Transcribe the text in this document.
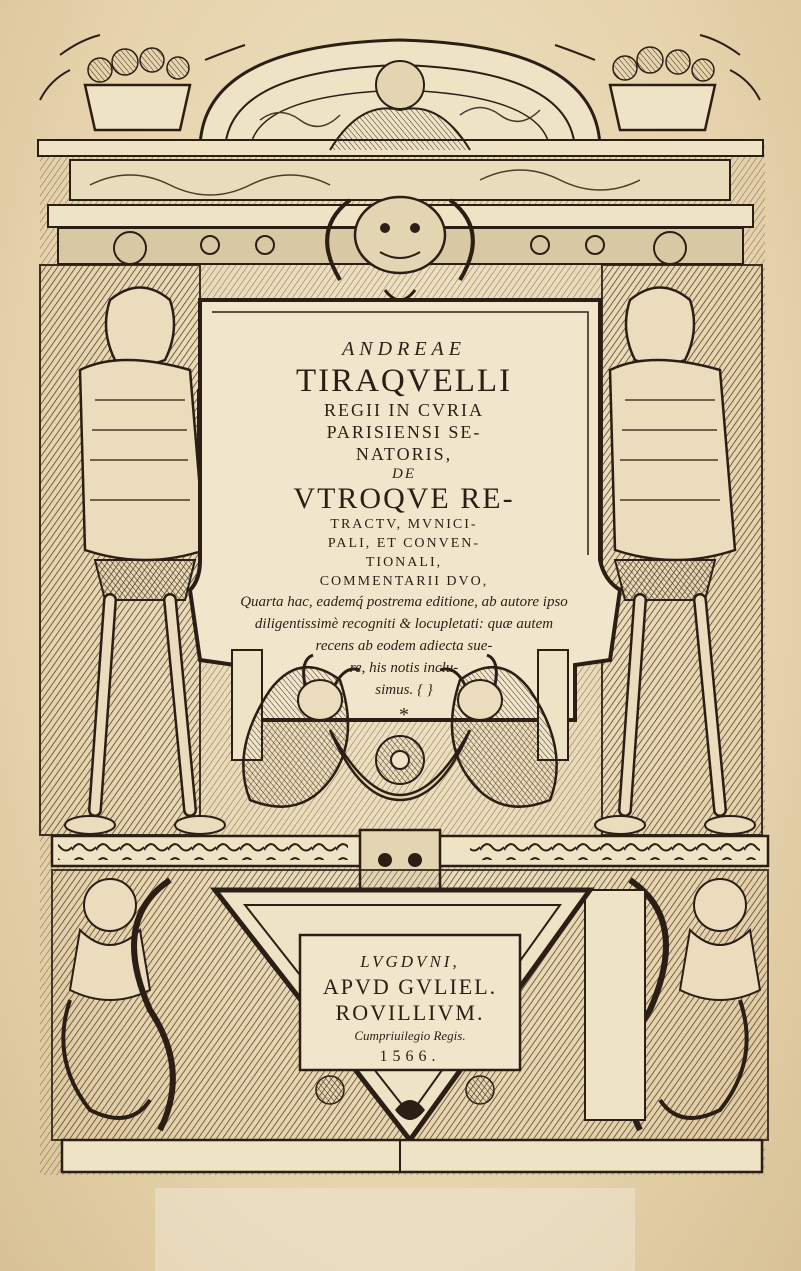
ANDREAE
TIRAQVELLI
REGII IN CVRIA
PARISIENSI SE-
NATORIS,
DE
VTROQVE RE-
TRACTV, MVNICI-
PALI, ET CONVEN-
TIONALI,
COMMENTARII DVO,
Quarta hac, eademq́ postrema editione, ab autore ipso
diligentissimè recogniti & locupletati: quæ autem
recens ab eodem adiecta sue-
re, his notis inclu-
simus. { }
*
LVGDVNI,
APVD GVLIEL.
ROVILLIVM.
Cumpriuilegio Regis.
1566.
